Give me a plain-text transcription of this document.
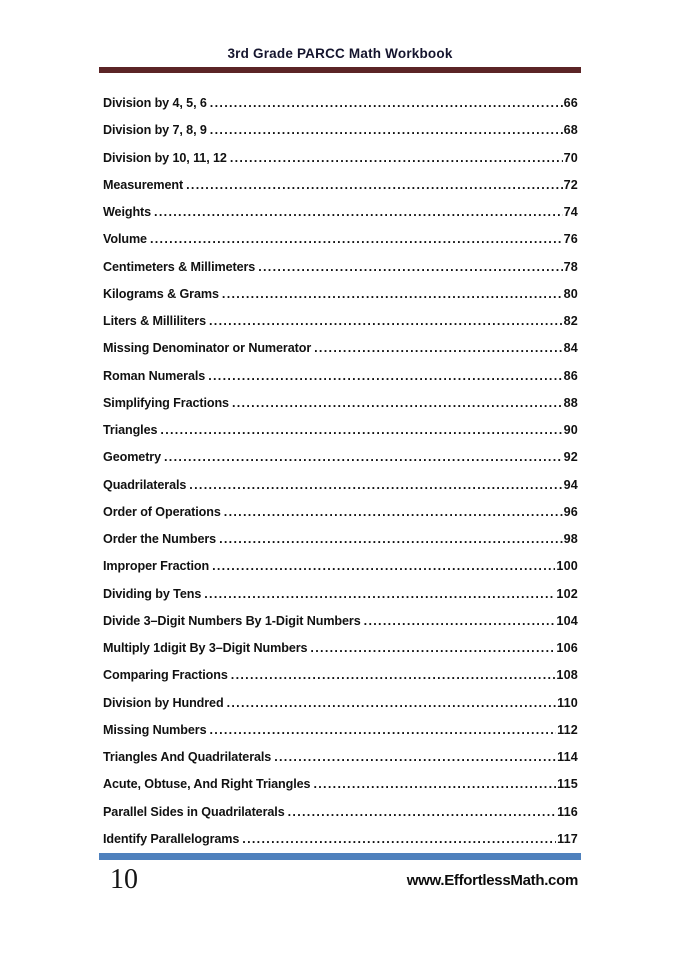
3rd Grade PARCC Math Workbook
Division by 4, 5, 6 .....	66
Division by 7, 8, 9 .....	68
Division by 10, 11, 12 .....	70
Measurement .....	72
Weights .....	74
Volume .....	76
Centimeters & Millimeters .....	78
Kilograms & Grams .....	80
Liters & Milliliters .....	82
Missing Denominator or Numerator .....	84
Roman Numerals .....	86
Simplifying Fractions .....	88
Triangles .....	90
Geometry .....	92
Quadrilaterals .....	94
Order of Operations .....	96
Order the Numbers .....	98
Improper Fraction .....	100
Dividing by Tens .....	102
Divide 3–Digit Numbers By 1-Digit Numbers .....	104
Multiply 1digit By 3–Digit Numbers .....	106
Comparing Fractions .....	108
Division by Hundred .....	110
Missing Numbers .....	112
Triangles And Quadrilaterals .....	114
Acute, Obtuse, And Right Triangles .....	115
Parallel Sides in Quadrilaterals .....	116
Identify Parallelograms .....	117
10	www.EffortlessMath.com
